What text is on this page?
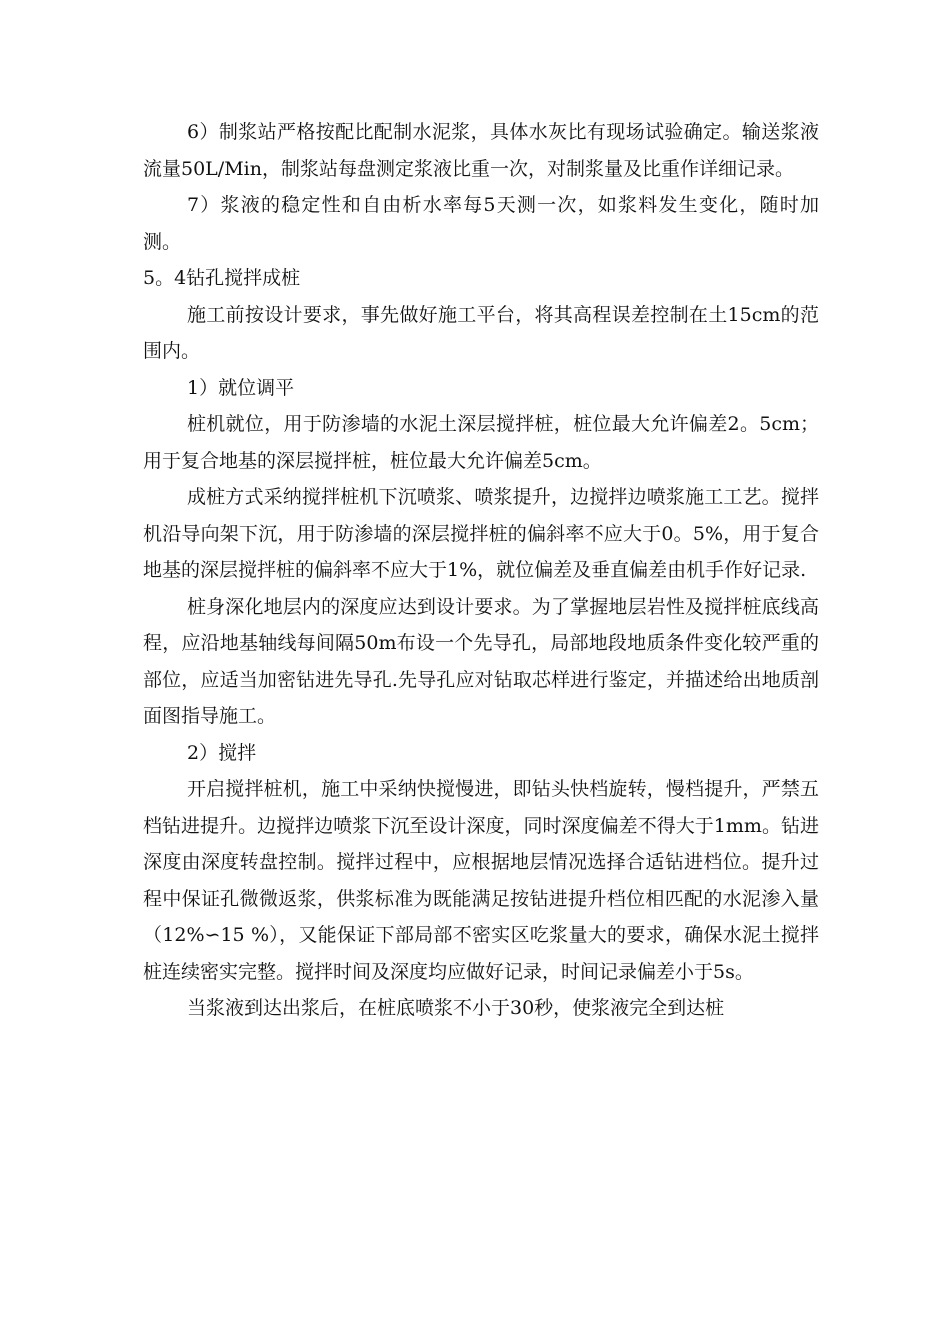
6）制浆站严格按配比配制水泥浆，具体水灰比有现场试验确定。输送浆液流量50L/Min，制浆站每盘测定浆液比重一次，对制浆量及比重作详细记录。

7）浆液的稳定性和自由析水率每5天测一次，如浆料发生变化，随时加测。

5。4钻孔搅拌成桩

施工前按设计要求，事先做好施工平台，将其高程误差控制在土15cm的范围内。

1）就位调平

桩机就位，用于防渗墙的水泥土深层搅拌桩，桩位最大允许偏差2。5cm；用于复合地基的深层搅拌桩，桩位最大允许偏差5cm。

成桩方式采纳搅拌桩机下沉喷浆、喷浆提升，边搅拌边喷浆施工工艺。搅拌机沿导向架下沉，用于防渗墙的深层搅拌桩的偏斜率不应大于0。5%，用于复合地基的深层搅拌桩的偏斜率不应大于1%，就位偏差及垂直偏差由机手作好记录.

桩身深化地层内的深度应达到设计要求。为了掌握地层岩性及搅拌桩底线高程，应沿地基轴线每间隔50m布设一个先导孔，局部地段地质条件变化较严重的部位，应适当加密钻进先导孔.先导孔应对钻取芯样进行鉴定，并描述给出地质剖面图指导施工。

2）搅拌

开启搅拌桩机，施工中采纳快搅慢进，即钻头快档旋转，慢档提升，严禁五档钻进提升。边搅拌边喷浆下沉至设计深度，同时深度偏差不得大于1mm。钻进深度由深度转盘控制。搅拌过程中，应根据地层情况选择合适钻进档位。提升过程中保证孔微微返浆，供浆标准为既能满足按钻进提升档位相匹配的水泥渗入量（12%∽15 %），又能保证下部局部不密实区吃浆量大的要求，确保水泥土搅拌桩连续密实完整。搅拌时间及深度均应做好记录，时间记录偏差小于5s。

当浆液到达出浆后，在桩底喷浆不小于30秒，使浆液完全到达桩
